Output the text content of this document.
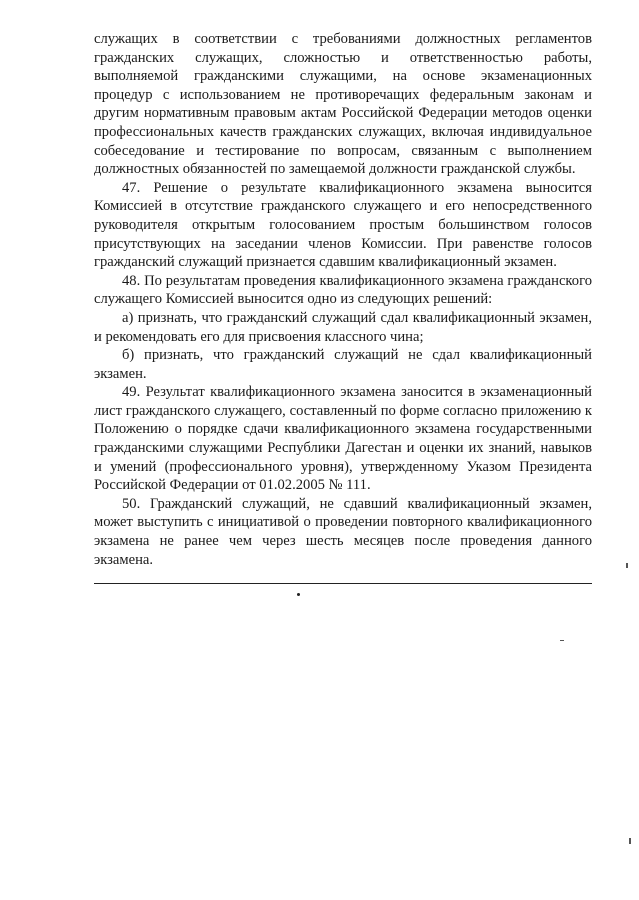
служащих в соответствии с требованиями должностных регламентов гражданских служащих, сложностью и ответственностью работы, выполняемой гражданскими служащими, на основе экзаменационных процедур с использованием не противоречащих федеральным законам и другим нормативным правовым актам Российской Федерации методов оценки профессиональных качеств гражданских служащих, включая индивидуальное собеседование и тестирование по вопросам, связанным с выполнением должностных обязанностей по замещаемой должности гражданской службы.

47. Решение о результате квалификационного экзамена выносится Комиссией в отсутствие гражданского служащего и его непосредственного руководителя открытым голосованием простым большинством голосов присутствующих на заседании членов Комиссии. При равенстве голосов гражданский служащий признается сдавшим квалификационный экзамен.

48. По результатам проведения квалификационного экзамена гражданского служащего Комиссией выносится одно из следующих решений:

а) признать, что гражданский служащий сдал квалификационный экзамен, и рекомендовать его для присвоения классного чина;

б) признать, что гражданский служащий не сдал квалификационный экзамен.

49. Результат квалификационного экзамена заносится в экзаменационный лист гражданского служащего, составленный по форме согласно приложению к Положению о порядке сдачи квалификационного экзамена государственными гражданскими служащими Республики Дагестан и оценки их знаний, навыков и умений (профессионального уровня), утвержденному Указом Президента Российской Федерации от 01.02.2005 № 111.

50. Гражданский служащий, не сдавший квалификационный экзамен, может выступить с инициативой о проведении повторного квалификационного экзамена не ранее чем через шесть месяцев после проведения данного экзамена.
